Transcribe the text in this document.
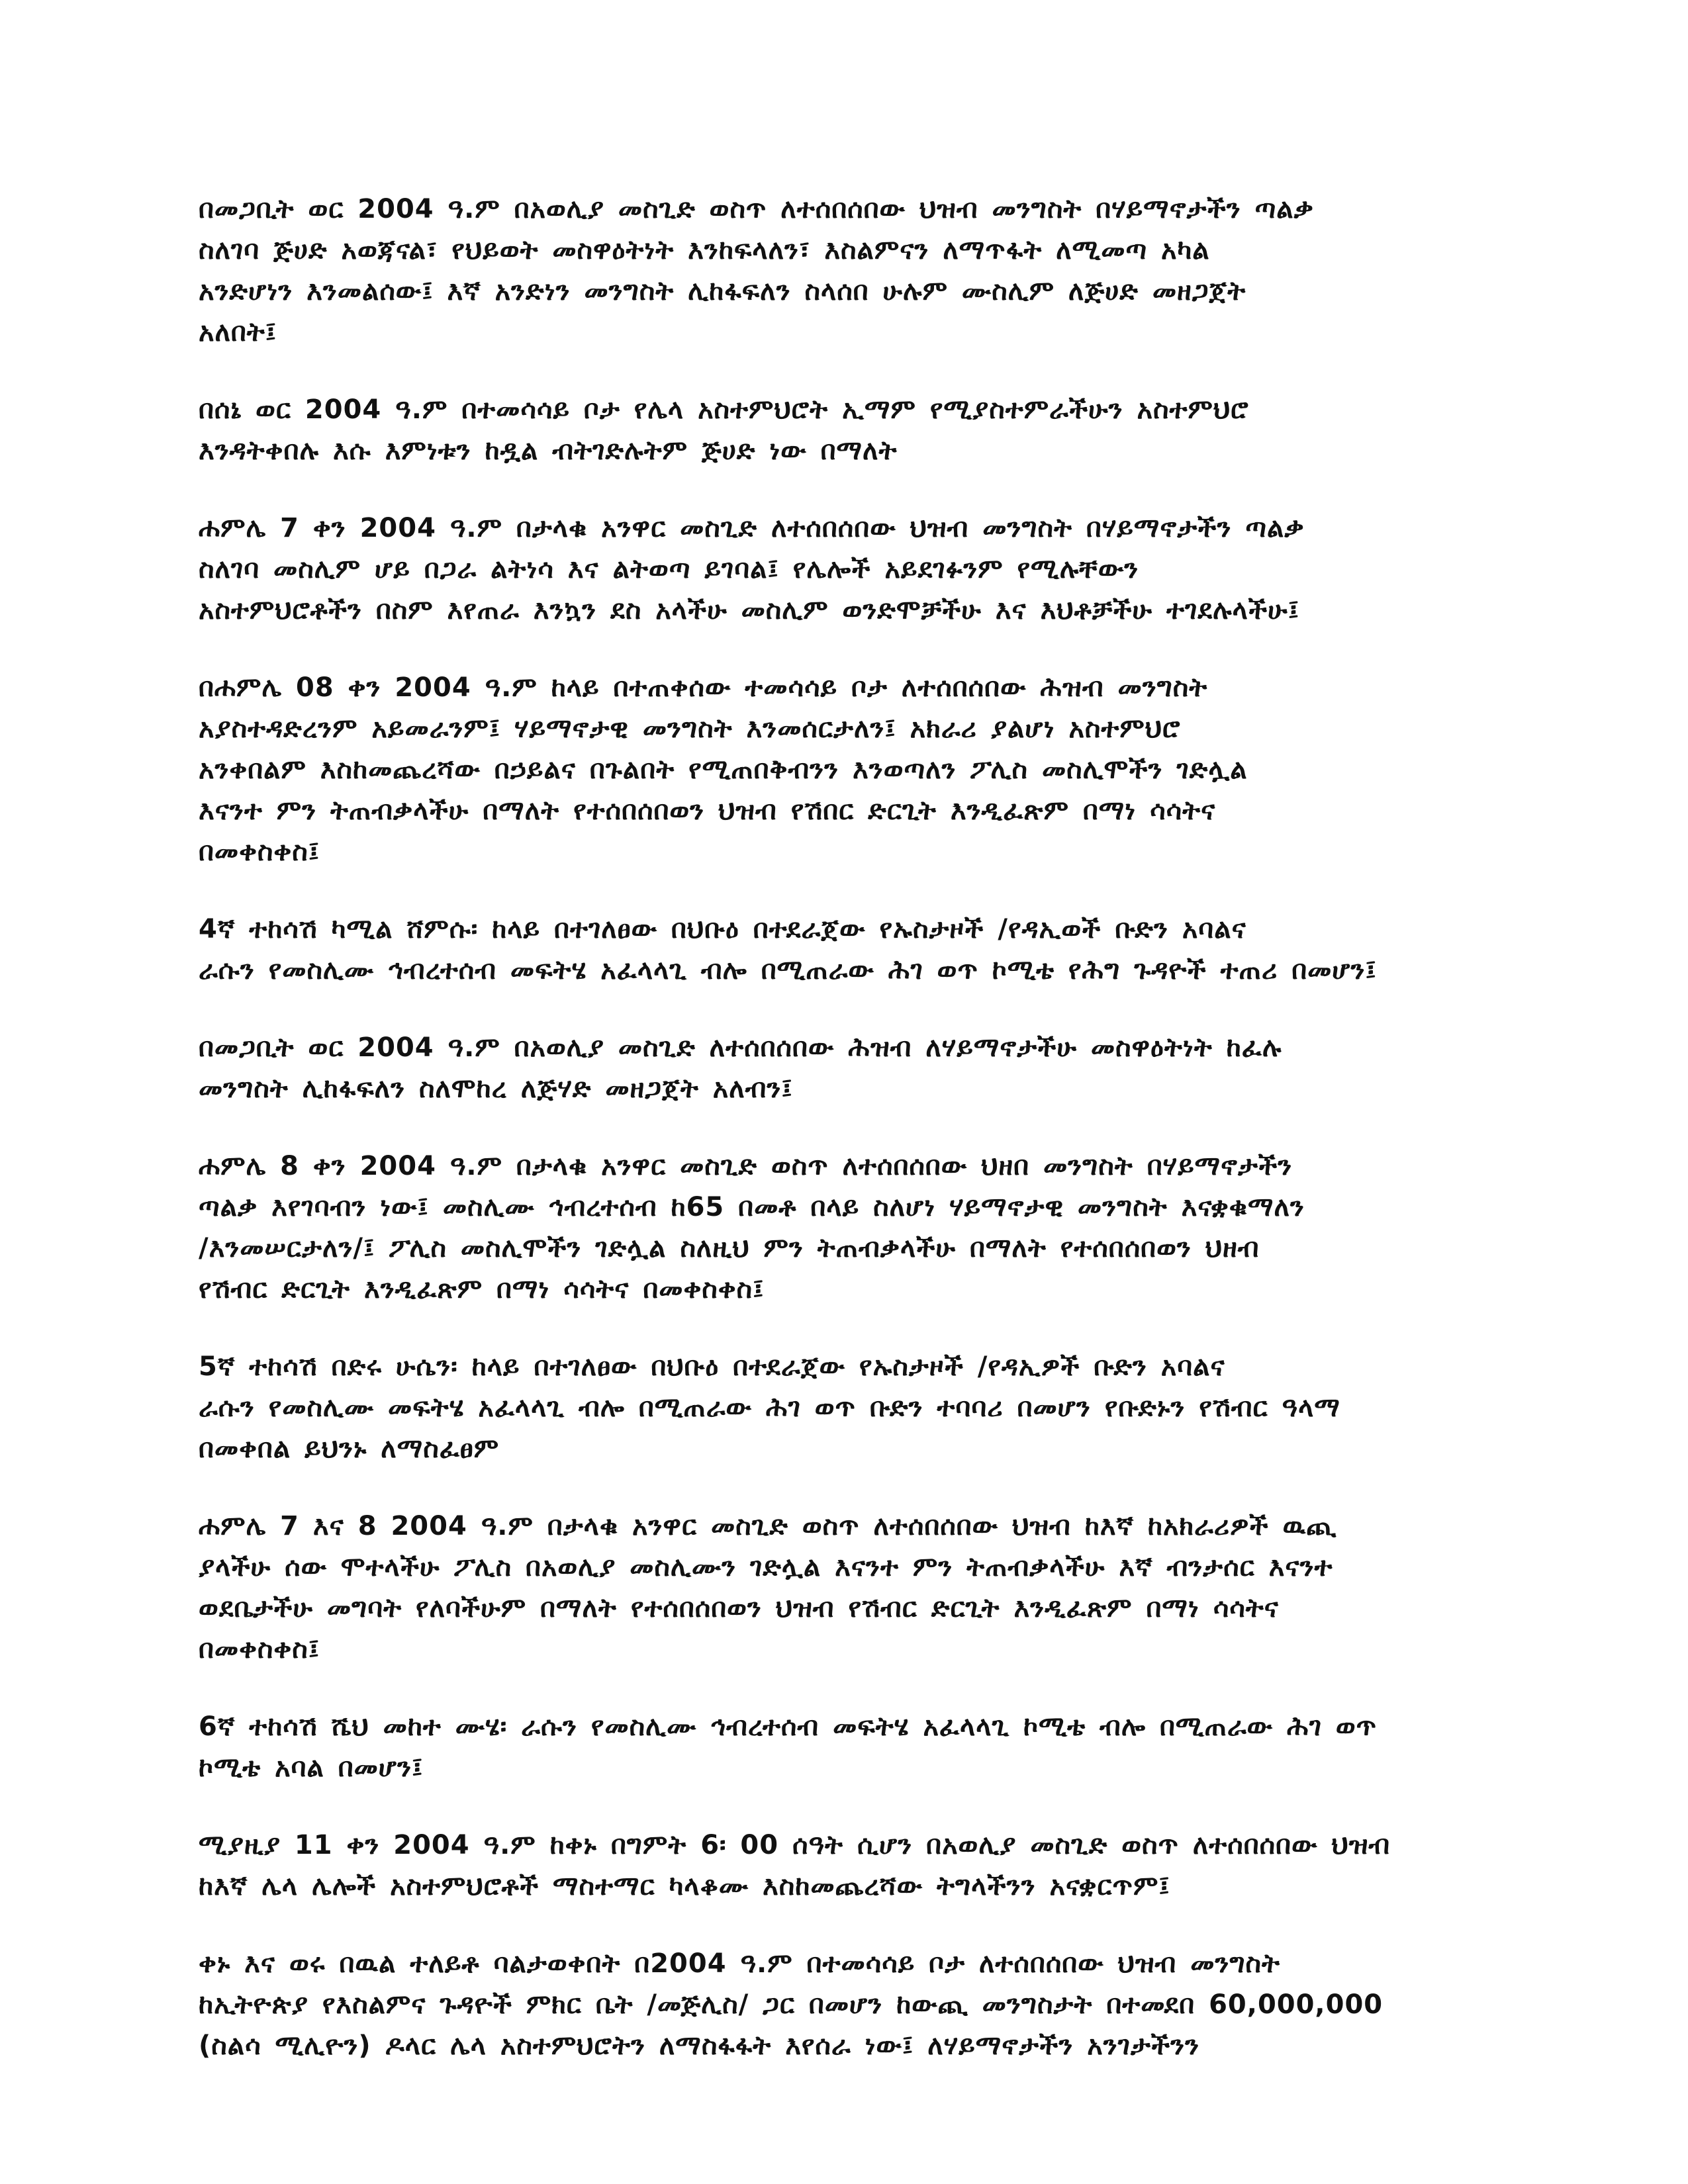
በመጋቢት ወር 2004 ዓ.ም በአወሊያ መስጊድ ወስጥ ለተሰበሰበው ህዝብ መንግስት በሃይማኖታችን ጣልቃ
ስለገባ ጅሀድ አወጃናል፣ የህይወት መስዋዕትነት እንከፍላለን፣ እስልምናን ለማጥፋት ለሚመጣ አካል
አንድሆነን እንመልሰው፤ እኛ አንድነን መንግስት ሊከፋፍለን ስላሰበ ሁሉም ሙስሊም ለጅሀድ መዘጋጀት
አለበት፤
በሰኔ ወር 2004 ዓ.ም በተመሳሳይ ቦታ የሌላ አስተምህሮት ኢማም የሚያስተምራችሁን አስተምህሮ
እንዳትቀበሉ እሱ እምነቱን ከዷል ብትገድሉትም ጅሀድ ነው በማለት
ሐምሌ 7 ቀን 2004 ዓ.ም በታላቁ አንዋር መስጊድ ለተሰበሰበው ህዝብ መንግስት በሃይማኖታችን ጣልቃ
ስለገባ መስሊም ሆይ በጋራ ልትነሳ እና ልትወጣ ይገባል፤ የሌሎች አይደገፉንም የሚሉቸውን
አስተምህሮቶችን በስም እየጠራ እንኳን ደስ አላችሁ መስሊም ወንድሞቻችሁ እና እህቶቻችሁ ተገደሉላችሁ፤
በሐምሌ 08 ቀን 2004 ዓ.ም ከላይ በተጠቀሰው ተመሳሳይ ቦታ ለተሰበሰበው ሕዝብ መንግስት
አያስተዳድረንም አይመራንም፤ ሃይማኖታዊ መንግስት እንመሰርታለን፤ አክራሪ ያልሆነ አስተምህሮ
አንቀበልም እስከመጨረሻው በኃይልና በጉልበት የሚጠበቅብንን እንወጣለን ፖሊስ መስሊሞችን ገድሏል
እናንተ ምን ትጠብቃላችሁ በማለት የተሰበሰበወን ህዝብ የሽበር ድርጊት እንዲፈጽም በማነ ሳሳትና
በመቀስቀስ፤
4ኛ ተከሳሽ ካሚል ሸምሱ፡ ከላይ በተገለፀው በህቡዕ በተደራጀው የኡስታዞች /የዳኢወች ቡድን አባልና
ራሱን የመስሊሙ ኅብረተሰብ መፍትሄ አፈላላጊ ብሎ በሚጠራው ሕገ ወጥ ኮሚቴ የሕግ ጉዳዮች ተጠሪ በመሆን፤
በመጋቢት ወር 2004 ዓ.ም በአወሊያ መስጊድ ለተሰበሰበው ሕዝብ ለሃይማኖታችሁ መስዋዕትነት ከፈሉ
መንግስት ሊከፋፍለን ስለሞከረ ለጅሃድ መዘጋጀት አለብን፤
ሐምሌ 8 ቀን 2004 ዓ.ም በታላቁ አንዋር መስጊድ ወስጥ ለተሰበሰበው ህዘበ መንግስት በሃይማኖታችን
ጣልቃ እየገባብን ነው፤ መስሊሙ ኅብረተሰብ ከ65 በመቶ በላይ ስለሆነ ሃይማኖታዊ መንግስት እናቋቁማለን
/እንመሠርታለን/፤ ፖሊስ መስሊሞችን ገድሏል ስለዚህ ምን ትጠብቃላችሁ በማለት የተሰበሰበወን ህዘብ
የሽብር ድርጊት እንዲፈጽም በማነ ሳሳትና በመቀስቀስ፤
5ኛ ተከሳሽ በድሩ ሁሴን፡ ከላይ በተገለፀው በህቡዕ በተደራጀው የኡስታዞች /የዳኢዎች ቡድን አባልና
ራሱን የመስሊሙ መፍትሄ አፈላላጊ ብሎ በሚጠራው ሕገ ወጥ ቡድን ተባባሪ በመሆን የቡድኑን የሽብር ዓላማ
በመቀበል ይህንኑ ለማስፈፀም
ሐምሌ 7 እና 8 2004 ዓ.ም በታላቁ አንዋር መስጊድ ወስጥ ለተሰበሰበው ህዝብ ከእኛ ከአክራሪዎች ዉጪ
ያላችሁ ሰው ሞተላችሁ ፖሊስ በአወሊያ መስሊሙን ገድሏል እናንተ ምን ትጠብቃላችሁ እኛ ብንታሰር እናንተ
ወደቤታችሁ መግባት የለባችሁም በማለት የተሰበሰበወን ህዝብ የሽብር ድርጊት እንዲፈጽም በማነ ሳሳትና
በመቀስቀስ፤
6ኛ ተከሳሽ ሼህ መከተ ሙሄ፡ ራሱን የመስሊሙ ኅብረተሰብ መፍትሄ አፈላላጊ ኮሚቴ ብሎ በሚጠራው ሕገ ወጥ
ኮሚቴ አባል በመሆን፤
ሚያዚያ 11 ቀን 2004 ዓ.ም ከቀኑ በግምት 6፡ 00 ሰዓት ሲሆን በአወሊያ መስጊድ ወስጥ ለተሰበሰበው ህዝብ
ከእኛ ሌላ ሌሎች አስተምህሮቶች ማስተማር ካላቆሙ እስከመጨረሻው ትግላችንን አናቋርጥም፤
ቀኑ እና ወሩ በዉል ተለይቶ ባልታወቀበት በ2004 ዓ.ም በተመሳሳይ ቦታ ለተሰበሰበው ህዝብ መንግስት
ከኢትዮጵያ የእስልምና ጉዳዮች ምክር ቤት /መጅሊስ/ ጋር በመሆን ከውጪ መንግስታት በተመደበ 60,000,000
(ስልሳ ሚሊዮን) ዶላር ሌላ አስተምህሮትን ለማስፋፋት እየሰራ ነው፤ ለሃይማኖታችን አንገታችንን
